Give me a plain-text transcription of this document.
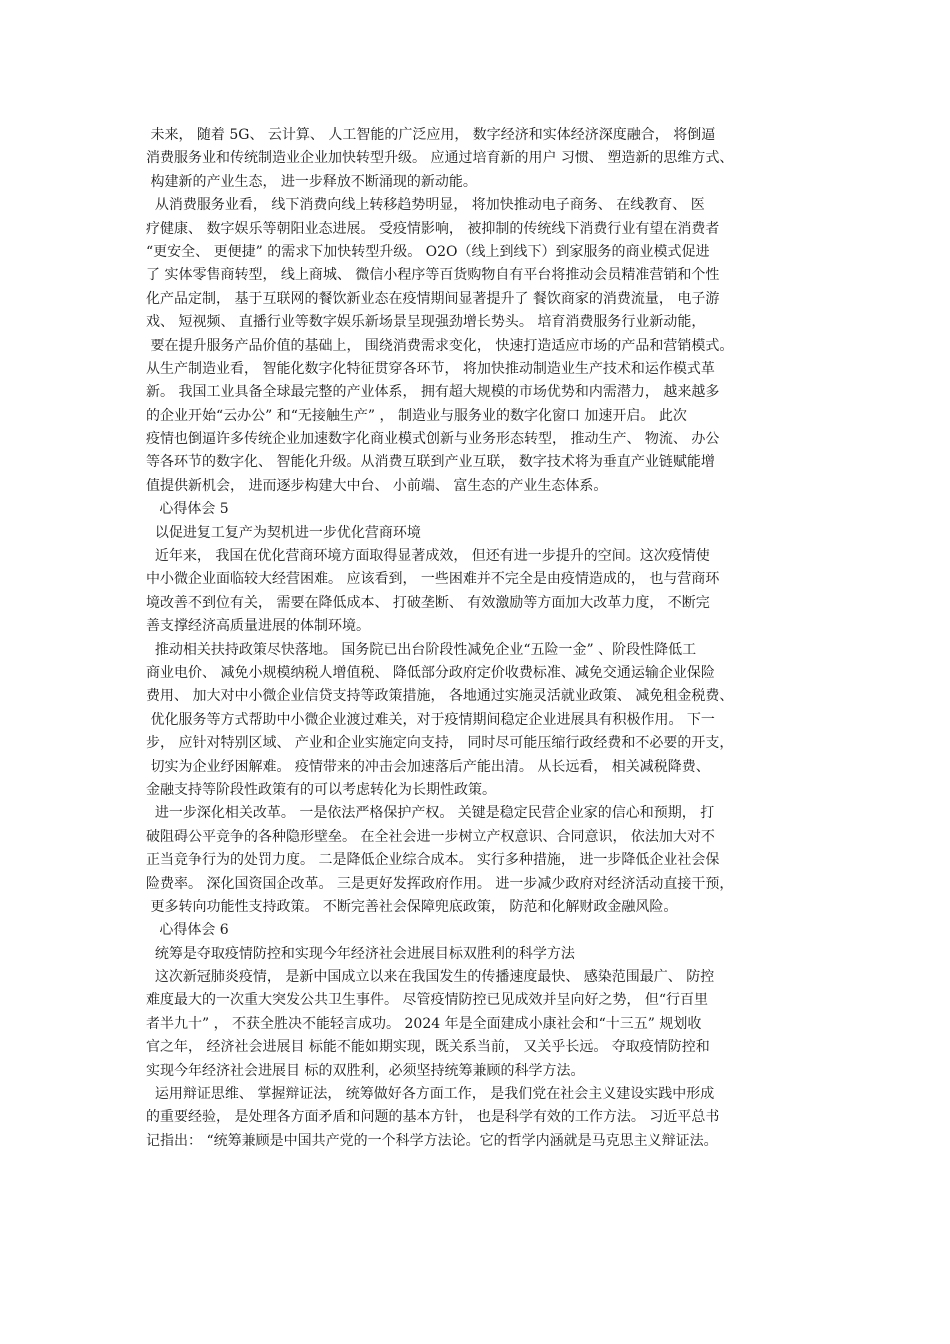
未来， 随着 5G、 云计算、 人工智能的广泛应用， 数字经济和实体经济深度融合， 将倒逼
消费服务业和传统制造业企业加快转型升级。 应通过培育新的用户 习惯、 塑造新的思维方式、
构建新的产业生态， 进一步释放不断涌现的新动能。
从消费服务业看， 线下消费向线上转移趋势明显， 将加快推动电子商务、 在线教育、 医
疗健康、 数字娱乐等朝阳业态进展。 受疫情影响， 被抑制的传统线下消费行业有望在消费者
“更安全、 更便捷” 的需求下加快转型升级。 O2O（线上到线下）到家服务的商业模式促进
了 实体零售商转型， 线上商城、 微信小程序等百货购物自有平台将推动会员精准营销和个性
化产品定制， 基于互联网的餐饮新业态在疫情期间显著提升了 餐饮商家的消费流量， 电子游
戏、 短视频、 直播行业等数字娱乐新场景呈现强劲增长势头。 培育消费服务行业新动能，
要在提升服务产品价值的基础上， 围绕消费需求变化， 快速打造适应市场的产品和营销模式。
从生产制造业看， 智能化数字化特征贯穿各环节， 将加快推动制造业生产技术和运作模式革
新。 我国工业具备全球最完整的产业体系， 拥有超大规模的市场优势和内需潜力， 越来越多
的企业开始“云办公” 和“无接触生产” ， 制造业与服务业的数字化窗口 加速开启。 此次
疫情也倒逼许多传统企业加速数字化商业模式创新与业务形态转型， 推动生产、 物流、 办公
等各环节的数字化、 智能化升级。从消费互联到产业互联， 数字技术将为垂直产业链赋能增
值提供新机会， 进而逐步构建大中台、 小前端、 富生态的产业生态体系。
心得体会 5
以促进复工复产为契机进一步优化营商环境
近年来， 我国在优化营商环境方面取得显著成效， 但还有进一步提升的空间。这次疫情使
中小微企业面临较大经营困难。 应该看到， 一些困难并不完全是由疫情造成的， 也与营商环
境改善不到位有关， 需要在降低成本、 打破垄断、 有效激励等方面加大改革力度， 不断完
善支撑经济高质量进展的体制环境。
推动相关扶持政策尽快落地。 国务院已出台阶段性减免企业“五险一金” 、阶段性降低工
商业电价、 减免小规模纳税人增值税、 降低部分政府定价收费标准、减免交通运输企业保险
费用、 加大对中小微企业信贷支持等政策措施， 各地通过实施灵活就业政策、 减免租金税费、
优化服务等方式帮助中小微企业渡过难关，对于疫情期间稳定企业进展具有积极作用。 下一
步， 应针对特别区域、 产业和企业实施定向支持， 同时尽可能压缩行政经费和不必要的开支，
切实为企业纾困解难。 疫情带来的冲击会加速落后产能出清。 从长远看， 相关减税降费、
金融支持等阶段性政策有的可以考虑转化为长期性政策。
进一步深化相关改革。 一是依法严格保护产权。 关键是稳定民营企业家的信心和预期， 打
破阻碍公平竞争的各种隐形壁垒。 在全社会进一步树立产权意识、合同意识， 依法加大对不
正当竞争行为的处罚力度。 二是降低企业综合成本。 实行多种措施， 进一步降低企业社会保
险费率。 深化国资国企改革。 三是更好发挥政府作用。 进一步减少政府对经济活动直接干预，
更多转向功能性支持政策。 不断完善社会保障兜底政策， 防范和化解财政金融风险。
心得体会 6
统筹是夺取疫情防控和实现今年经济社会进展目标双胜利的科学方法
这次新冠肺炎疫情， 是新中国成立以来在我国发生的传播速度最快、 感染范围最广、 防控
难度最大的一次重大突发公共卫生事件。 尽管疫情防控已见成效并呈向好之势， 但“行百里
者半九十” ， 不获全胜决不能轻言成功。 2024 年是全面建成小康社会和“十三五” 规划收
官之年， 经济社会进展目 标能不能如期实现，既关系当前， 又关乎长远。 夺取疫情防控和
实现今年经济社会进展目 标的双胜利，必须坚持统筹兼顾的科学方法。
运用辩证思维、 掌握辩证法， 统筹做好各方面工作， 是我们党在社会主义建设实践中形成
的重要经验， 是处理各方面矛盾和问题的基本方针， 也是科学有效的工作方法。 习近平总书
记指出： “统筹兼顾是中国共产党的一个科学方法论。它的哲学内涵就是马克思主义辩证法。
